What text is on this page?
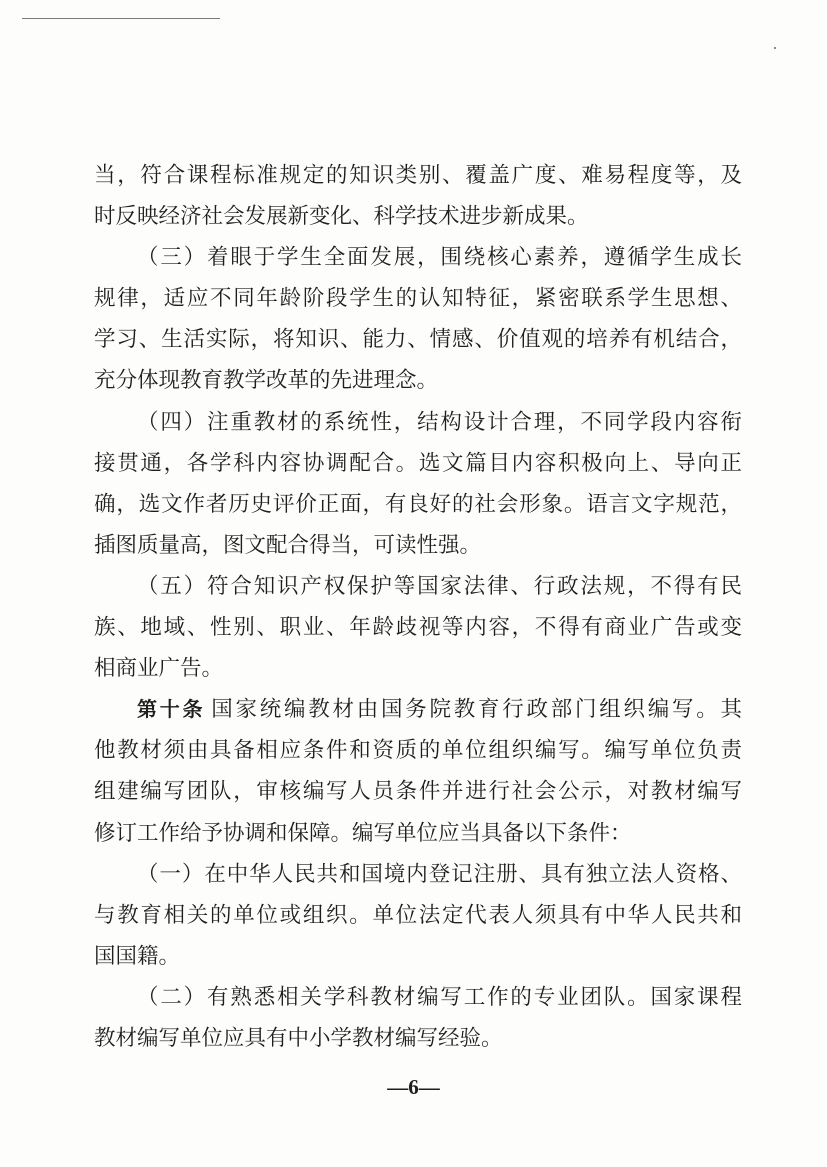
当，符合课程标准规定的知识类别、覆盖广度、难易程度等，及
时反映经济社会发展新变化、科学技术进步新成果。
（三）着眼于学生全面发展，围绕核心素养，遵循学生成长
规律，适应不同年龄阶段学生的认知特征，紧密联系学生思想、
学习、生活实际，将知识、能力、情感、价值观的培养有机结合，
充分体现教育教学改革的先进理念。
（四）注重教材的系统性，结构设计合理，不同学段内容衔
接贯通，各学科内容协调配合。选文篇目内容积极向上、导向正
确，选文作者历史评价正面，有良好的社会形象。语言文字规范，
插图质量高，图文配合得当，可读性强。
（五）符合知识产权保护等国家法律、行政法规，不得有民
族、地域、性别、职业、年龄歧视等内容，不得有商业广告或变
相商业广告。
第十条 国家统编教材由国务院教育行政部门组织编写。其
他教材须由具备相应条件和资质的单位组织编写。编写单位负责
组建编写团队，审核编写人员条件并进行社会公示，对教材编写
修订工作给予协调和保障。编写单位应当具备以下条件：
（一）在中华人民共和国境内登记注册、具有独立法人资格、
与教育相关的单位或组织。单位法定代表人须具有中华人民共和
国国籍。
（二）有熟悉相关学科教材编写工作的专业团队。国家课程
教材编写单位应具有中小学教材编写经验。
—6—
